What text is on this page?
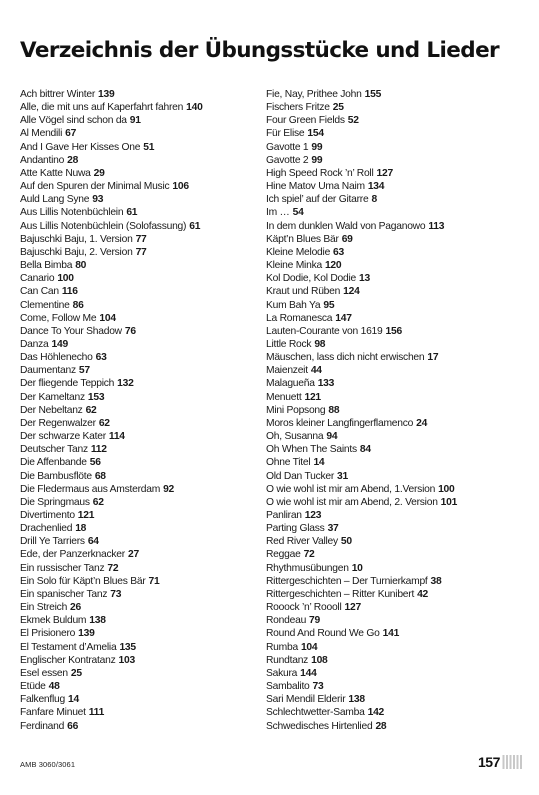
Verzeichnis der Übungsstücke und Lieder
Ach bittrer Winter 139
Alle, die mit uns auf Kaperfahrt fahren 140
Alle Vögel sind schon da 91
Al Mendili 67
And I Gave Her Kisses One 51
Andantino 28
Atte Katte Nuwa 29
Auf den Spuren der Minimal Music 106
Auld Lang Syne 93
Aus Lillis Notenbüchlein 61
Aus Lillis Notenbüchlein (Solofassung) 61
Bajuschki Baju, 1. Version 77
Bajuschki Baju, 2. Version 77
Bella Bimba 80
Canario 100
Can Can 116
Clementine 86
Come, Follow Me 104
Dance To Your Shadow 76
Danza 149
Das Höhlenecho 63
Daumentanz 57
Der fliegende Teppich 132
Der Kameltanz 153
Der Nebeltanz 62
Der Regenwalzer 62
Der schwarze Kater 114
Deutscher Tanz 112
Die Affenbande 56
Die Bambusflöte 68
Die Fledermaus aus Amsterdam 92
Die Springmaus 62
Divertimento 121
Drachenlied 18
Drill Ye Tarriers 64
Ede, der Panzerknacker 27
Ein russischer Tanz 72
Ein Solo für Käpt’n Blues Bär 71
Ein spanischer Tanz 73
Ein Streich 26
Ekmek Buldum 138
El Prisionero 139
El Testament d’Amelia 135
Englischer Kontratanz 103
Esel essen 25
Etüde 48
Falkenflug 14
Fanfare Minuet 111
Ferdinand 66
Fie, Nay, Prithee John 155
Fischers Fritze 25
Four Green Fields 52
Für Elise 154
Gavotte 1 99
Gavotte 2 99
High Speed Rock ’n’ Roll 127
Hine Matov Uma Naim 134
Ich spiel’ auf der Gitarre 8
Im … 54
In dem dunklen Wald von Paganowo 113
Käpt’n Blues Bär 69
Kleine Melodie 63
Kleine Minka 120
Kol Dodie, Kol Dodie 13
Kraut und Rüben 124
Kum Bah Ya 95
La Romanesca 147
Lauten-Courante von 1619 156
Little Rock 98
Mäuschen, lass dich nicht erwischen 17
Maienzeit 44
Malagueña 133
Menuett 121
Mini Popsong 88
Moros kleiner Langfingerflamenco 24
Oh, Susanna 94
Oh When The Saints 84
Ohne Titel 14
Old Dan Tucker 31
O wie wohl ist mir am Abend, 1.Version 100
O wie wohl ist mir am Abend, 2. Version 101
Panliran 123
Parting Glass 37
Red River Valley 50
Reggae 72
Rhythmusübungen 10
Rittergeschichten – Der Turnierkampf 38
Rittergeschichten – Ritter Kunibert 42
Rooock ’n’ Roooll 127
Rondeau 79
Round And Round We Go 141
Rumba 104
Rundtanz 108
Sakura 144
Sambalito 73
Sari Mendil Elderir 138
Schlechtwetter-Samba 142
Schwedisches Hirtenlied 28
AMB 3060/3061	157
